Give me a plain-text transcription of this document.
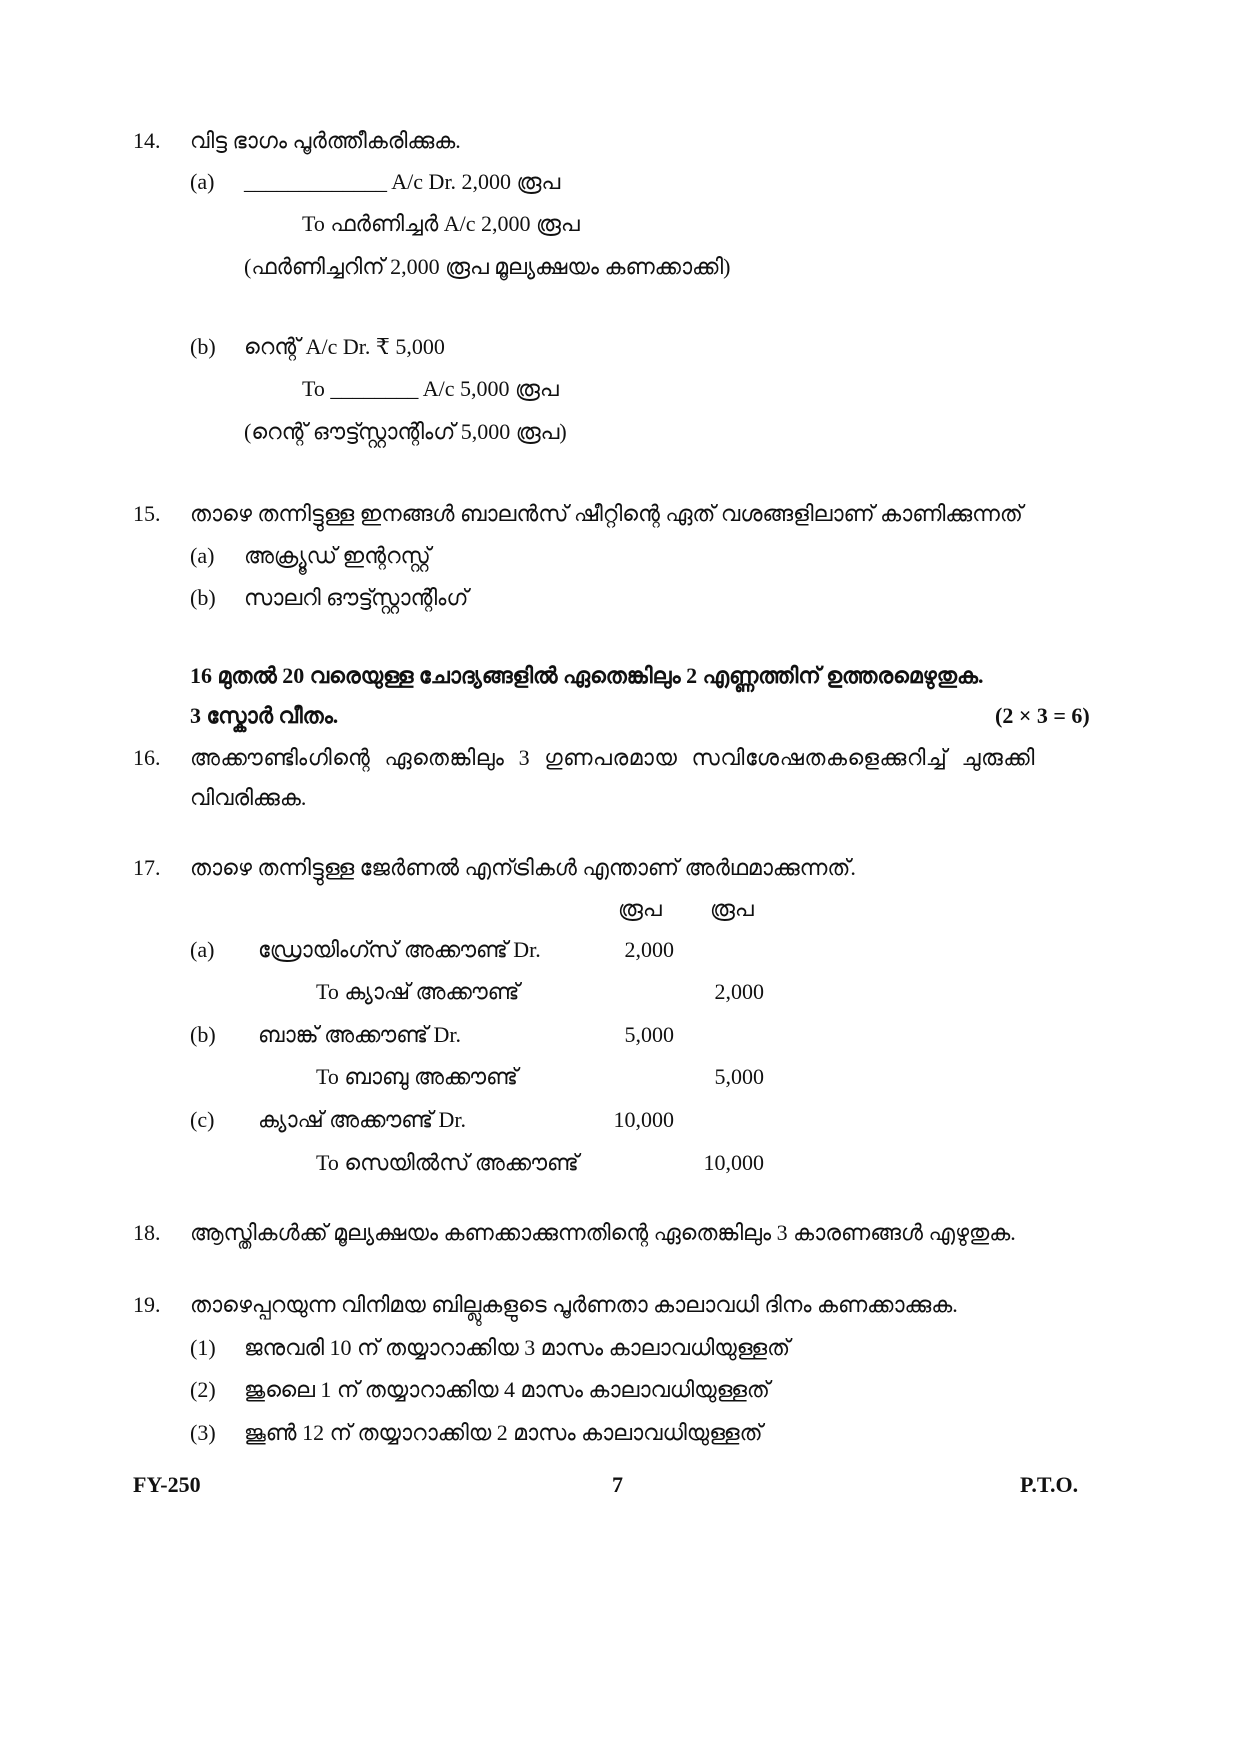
14. വിട്ട ഭാഗം പൂർത്തീകരിക്കുക.
(a) _____________ A/c Dr. 2,000 രൂപ
To ഫർണിച്ചർ A/c 2,000 രൂപ
(ഫർണിച്ചറിന് 2,000 രൂപ മൂല്യക്ഷയം കണക്കാക്കി)
(b) റെന്റ് A/c Dr. ₹ 5,000
To ________ A/c 5,000 രൂപ
(റെന്റ് ഔട്ട്സ്റ്റാന്റിംഗ് 5,000 രൂപ)
15. താഴെ തന്നിട്ടുള്ള ഇനങ്ങൾ ബാലൻസ് ഷീറ്റിന്റെ ഏത് വശങ്ങളിലാണ് കാണിക്കുന്നത്
(a) അക്ര്യൂഡ് ഇന്ററസ്റ്റ്
(b) സാലറി ഔട്ട്സ്റ്റാന്റിംഗ്
16 മുതൽ 20 വരെയുള്ള ചോദ്യങ്ങളിൽ ഏതെങ്കിലും 2 എണ്ണത്തിന് ഉത്തരമെഴുതുക.
3 സ്കോർ വീതം.	(2 × 3 = 6)
16. അക്കൗണ്ടിംഗിന്റെ ഏതെങ്കിലും 3 ഗുണപരമായ സവിശേഷതകളെക്കുറിച്ച് ചുരുക്കി
വിവരിക്കുക.
17. താഴെ തന്നിട്ടുള്ള ജേർണൽ എന്ട്രികൾ എന്താണ് അർഥമാക്കുന്നത്.
രൂപ രൂപ
(a) ഡ്രോയിംഗ്സ് അക്കൗണ്ട് Dr.	2,000
To ക്യാഷ് അക്കൗണ്ട്	2,000
(b) ബാങ്ക് അക്കൗണ്ട് Dr.	5,000
To ബാബു അക്കൗണ്ട്	5,000
(c) ക്യാഷ് അക്കൗണ്ട് Dr.	10,000
To സെയിൽസ് അക്കൗണ്ട്	10,000
18. ആസ്തികൾക്ക് മൂല്യക്ഷയം കണക്കാക്കുന്നതിന്റെ ഏതെങ്കിലും 3 കാരണങ്ങൾ എഴുതുക.
19. താഴെപ്പറയുന്ന വിനിമയ ബില്ലുകളുടെ പൂർണതാ കാലാവധി ദിനം കണക്കാക്കുക.
(1) ജനുവരി 10 ന് തയ്യാറാക്കിയ 3 മാസം കാലാവധിയുള്ളത്
(2) ജുലൈ 1 ന് തയ്യാറാക്കിയ 4 മാസം കാലാവധിയുള്ളത്
(3) ജൂൺ 12 ന് തയ്യാറാക്കിയ 2 മാസം കാലാവധിയുള്ളത്
FY-250	7	P.T.O.
